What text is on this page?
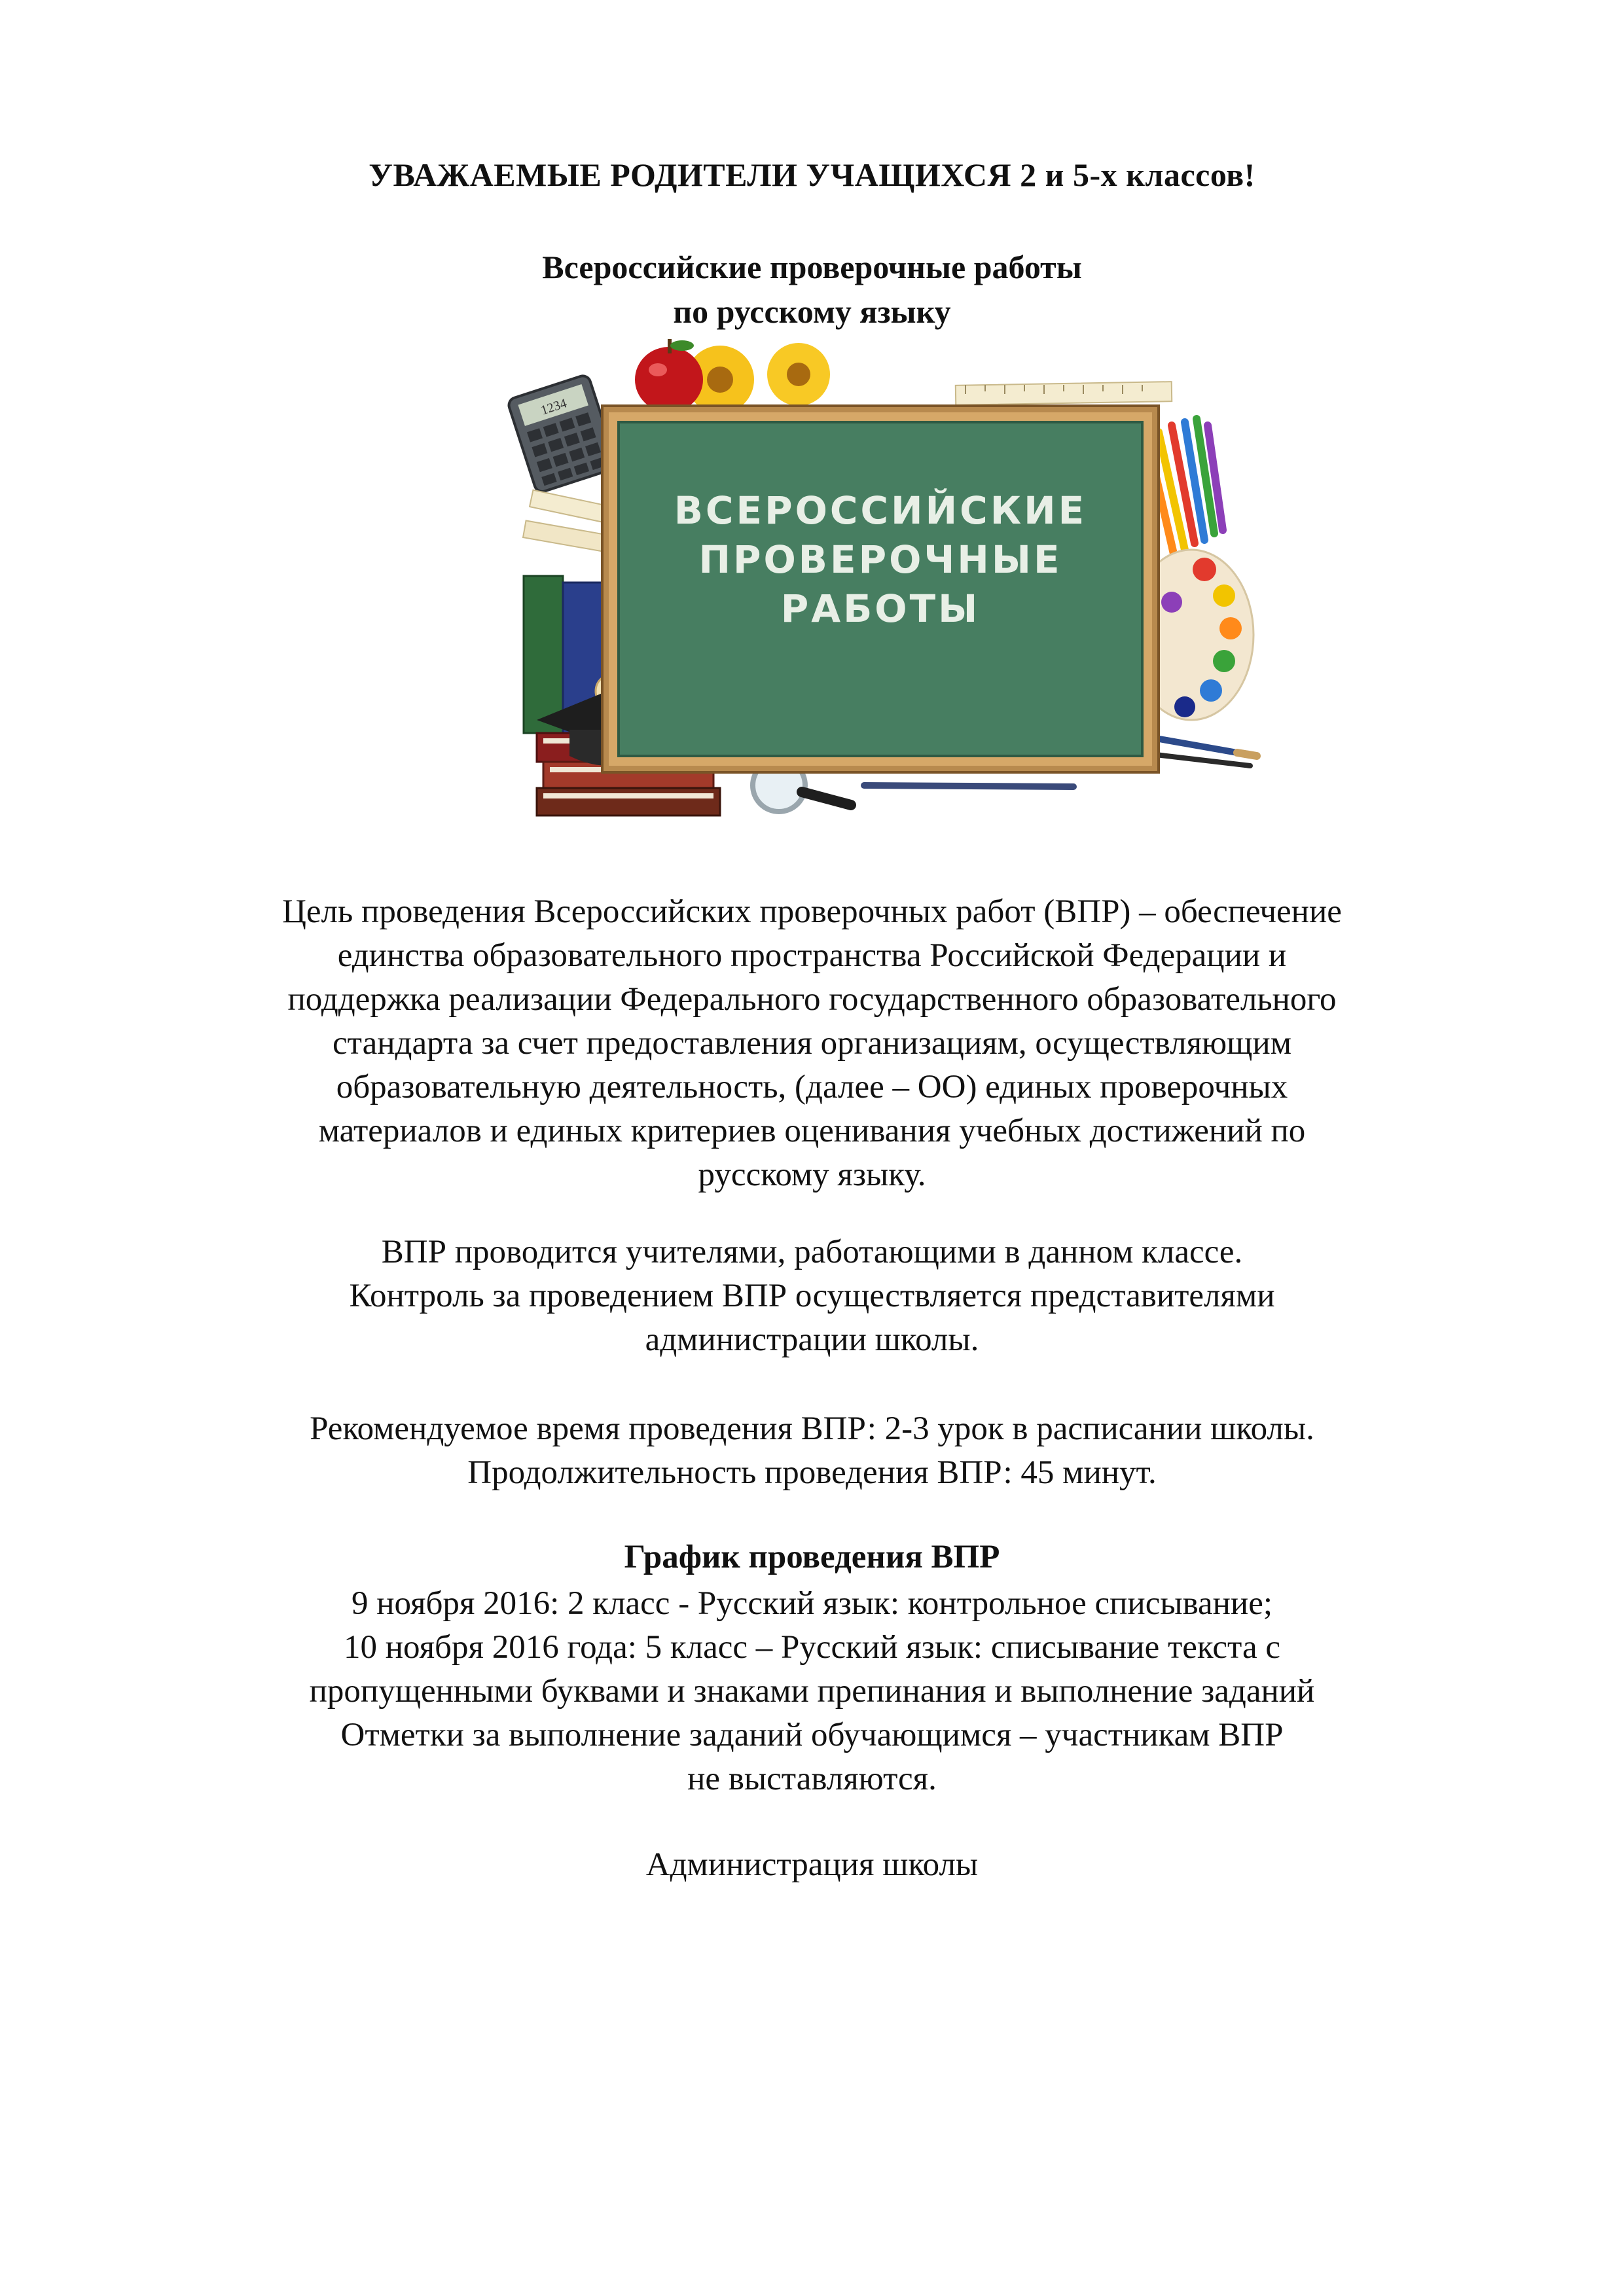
УВАЖАЕМЫЕ РОДИТЕЛИ УЧАЩИХСЯ 2 и 5-х классов!
Всероссийские проверочные работы
по русскому языку
1234
ВСЕРОССИЙСКИЕ
ПРОВЕРОЧНЫЕ
РАБОТЫ
Цель проведения Всероссийских проверочных работ (ВПР) – обеспечение
единства образовательного пространства Российской Федерации и
поддержка реализации Федерального государственного образовательного
стандарта за счет предоставления организациям, осуществляющим
образовательную деятельность, (далее – ОО) единых проверочных
материалов и единых критериев оценивания учебных достижений по
русскому языку.
ВПР проводится учителями, работающими в данном классе.
Контроль за проведением ВПР осуществляется представителями
администрации школы.
Рекомендуемое время проведения ВПР: 2-3 урок в расписании школы.
Продолжительность проведения ВПР: 45 минут.
График проведения ВПР
9 ноября 2016: 2 класс - Русский язык: контрольное списывание;
10 ноября 2016 года: 5 класс – Русский язык: списывание текста с
пропущенными буквами и знаками препинания и выполнение заданий
Отметки за выполнение заданий обучающимся – участникам ВПР
не выставляются.
Администрация школы
